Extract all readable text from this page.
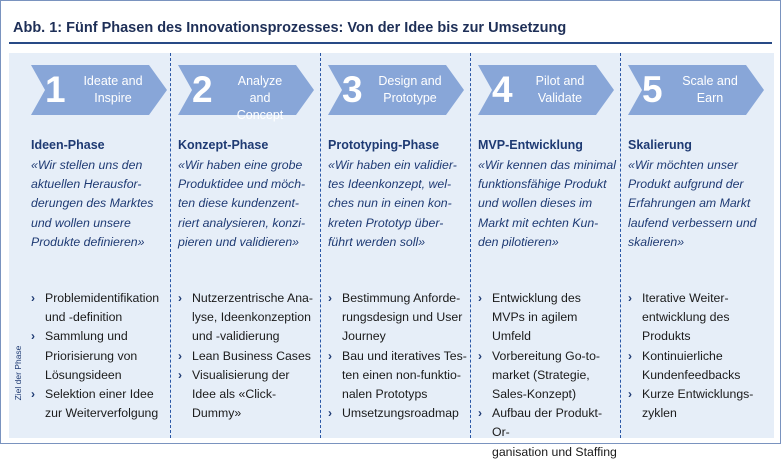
Abb. 1: Fünf Phasen des Innovationsprozesses: Von der Idee bis zur Umsetzung
Ziel der Phase
1	Ideate and
Inspire
Ideen-Phase
«Wir stellen uns den
aktuellen Herausfor-
derungen des Marktes
und wollen unsere
Produkte definieren»
› Problemidentifikation
und -definition
› Sammlung und
Priorisierung von
Lösungsideen
› Selektion einer Idee
zur Weiterverfolgung
2	Analyze and
Concept
Konzept-Phase
«Wir haben eine grobe
Produktidee und möch-
ten diese kundenzent-
riert analysieren, konzi-
pieren und validieren»
› Nutzerzentrische Ana-
lyse, Ideenkonzeption
und -validierung
› Lean Business Cases
› Visualisierung der
Idee als «Click-
Dummy»
3 Design and
Prototype
Prototyping-Phase
«Wir haben ein validier-
tes Ideenkonzept, wel-
ches nun in einen kon-
kreten Prototyp über-
führt werden soll»
› Bestimmung Anforde-
rungsdesign und User
Journey
› Bau und iteratives Tes-
ten einen non-funktio-
nalen Prototyps
› Umsetzungsroadmap
4	Pilot and
Validate
MVP-Entwicklung
«Wir kennen das minimal
funktionsfähige Produkt
und wollen dieses im
Markt mit echten Kun-
den pilotieren»
› Entwicklung des
MVPs in agilem Umfeld
› Vorbereitung Go-to-
market (Strategie,
Sales-Konzept)
› Aufbau der Produkt-Or-
ganisation und Staffing
5	Scale and
Earn
Skalierung
«Wir möchten unser
Produkt aufgrund der
Erfahrungen am Markt
laufend verbessern und
skalieren»
› Iterative Weiter-
entwicklung des
Produkts
› Kontinuierliche
Kundenfeedbacks
› Kurze Entwicklungs-
zyklen
